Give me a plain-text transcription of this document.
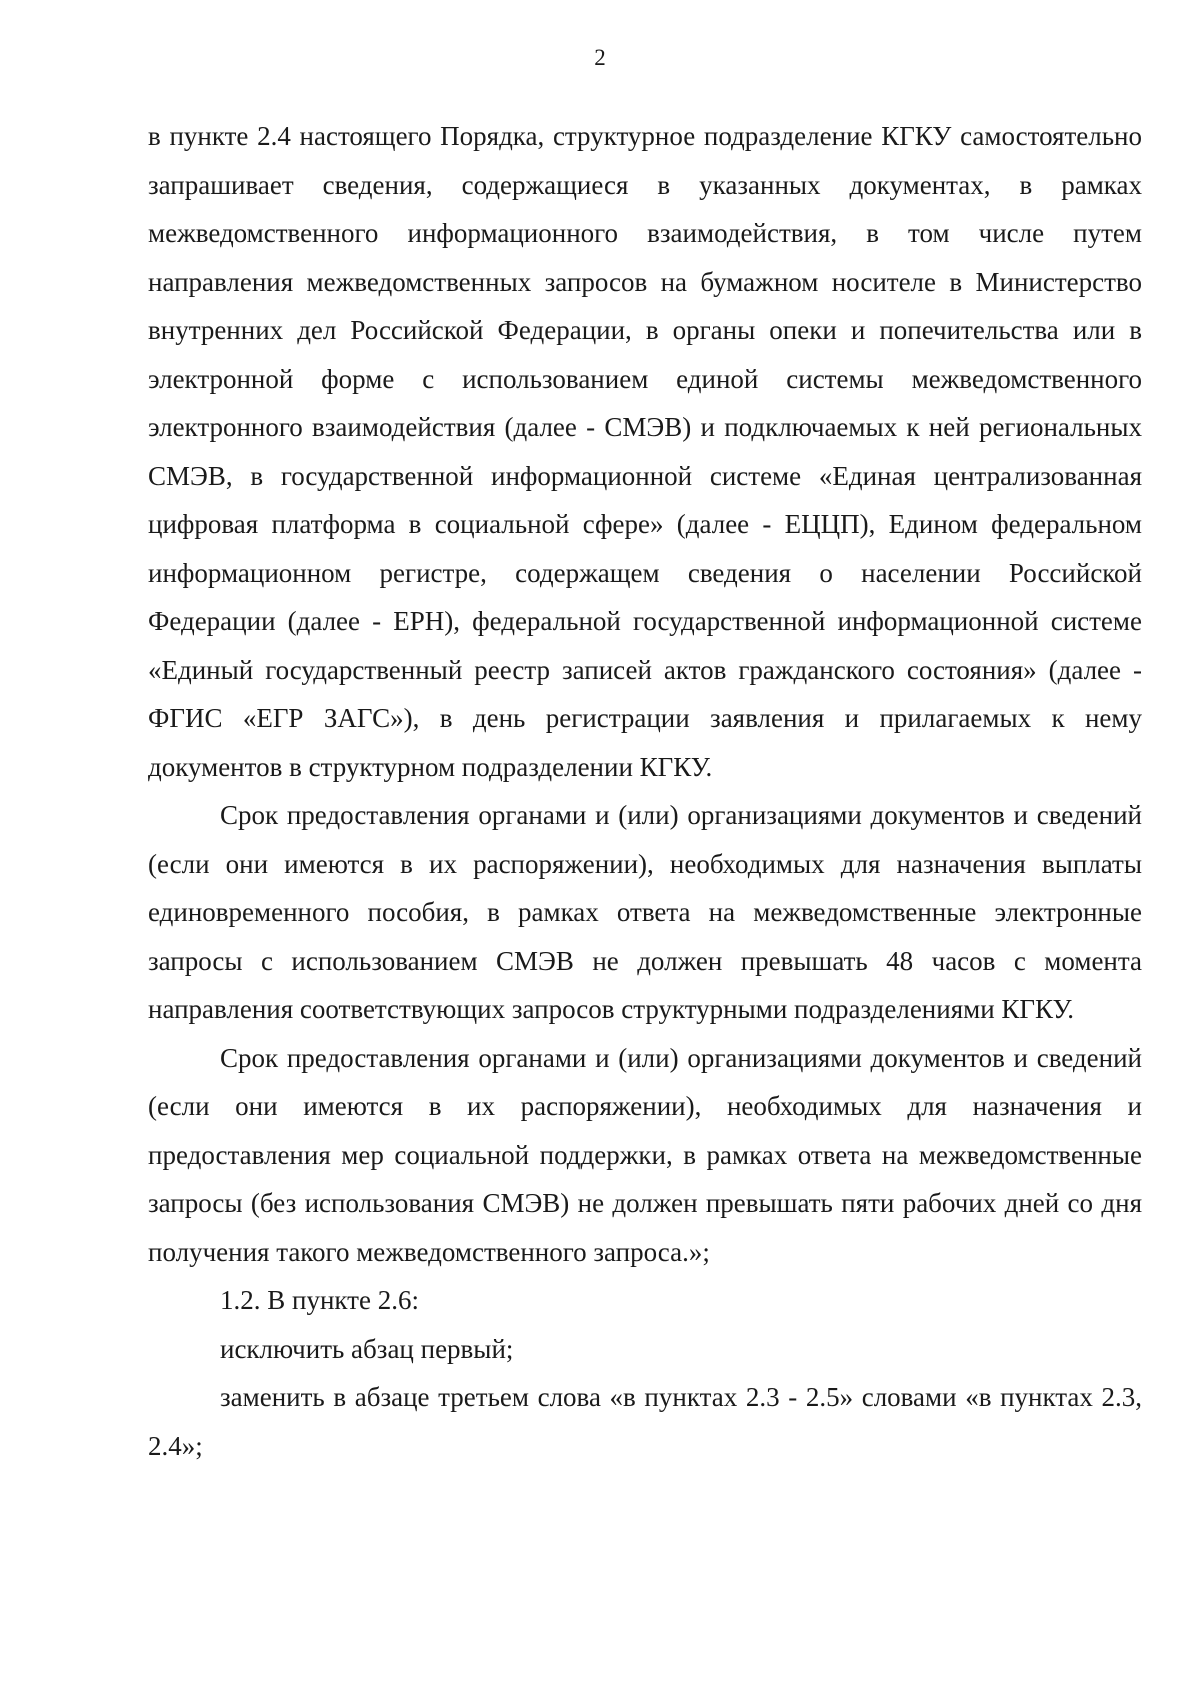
2

в пункте 2.4 настоящего Порядка, структурное подразделение КГКУ самостоятельно запрашивает сведения, содержащиеся в указанных документах, в рамках межведомственного информационного взаимодействия, в том числе путем направления межведомственных запросов на бумажном носителе в Министерство внутренних дел Российской Федерации, в органы опеки и попечительства или в электронной форме с использованием единой системы межведомственного электронного взаимодействия (далее - СМЭВ) и подключаемых к ней региональных СМЭВ, в государственной информационной системе «Единая централизованная цифровая платформа в социальной сфере» (далее - ЕЦЦП), Едином федеральном информационном регистре, содержащем сведения о населении Российской Федерации (далее - ЕРН), федеральной государственной информационной системе «Единый государственный реестр записей актов гражданского состояния» (далее - ФГИС «ЕГР ЗАГС»), в день регистрации заявления и прилагаемых к нему документов в структурном подразделении КГКУ.

Срок предоставления органами и (или) организациями документов и сведений (если они имеются в их распоряжении), необходимых для назначения выплаты единовременного пособия, в рамках ответа на межведомственные электронные запросы с использованием СМЭВ не должен превышать 48 часов с момента направления соответствующих запросов структурными подразделениями КГКУ.

Срок предоставления органами и (или) организациями документов и сведений (если они имеются в их распоряжении), необходимых для назначения и предоставления мер социальной поддержки, в рамках ответа на межведомственные запросы (без использования СМЭВ) не должен превышать пяти рабочих дней со дня получения такого межведомственного запроса.»;

1.2. В пункте 2.6:

исключить абзац первый;

заменить в абзаце третьем слова «в пунктах 2.3 - 2.5» словами «в пунктах 2.3, 2.4»;
